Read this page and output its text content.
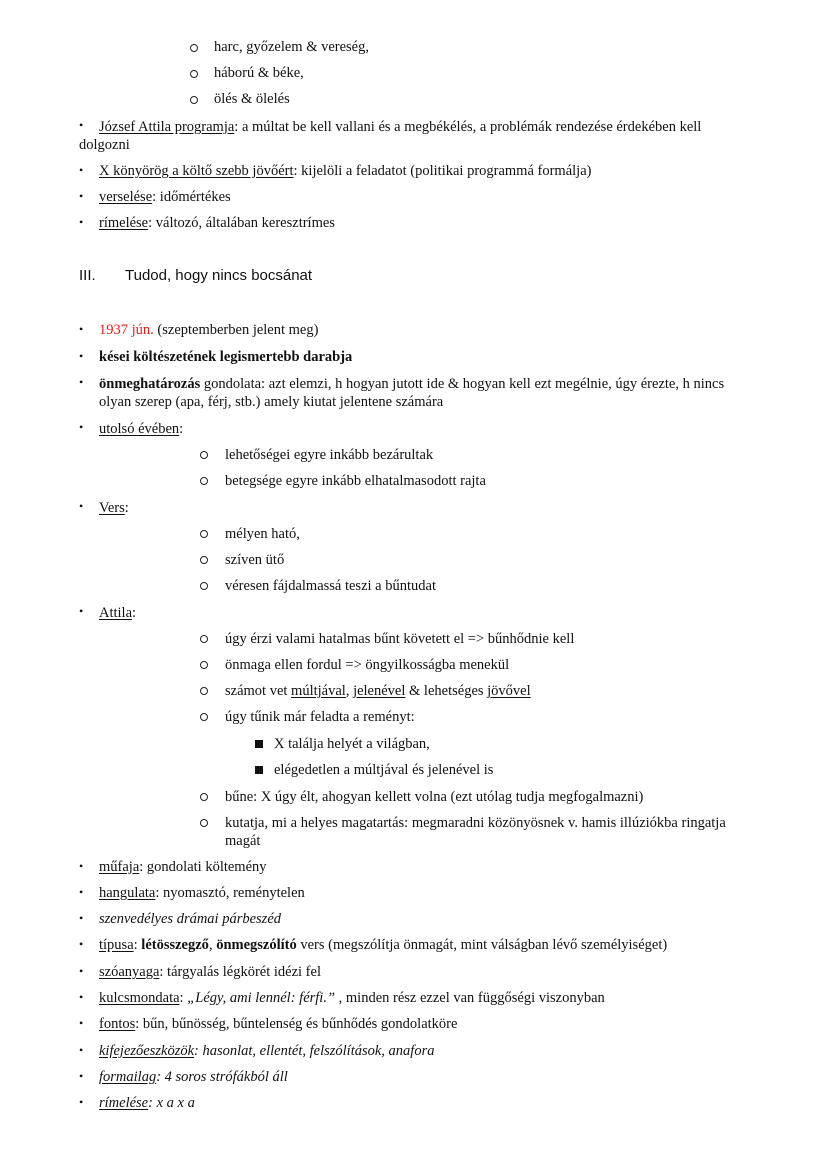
harc, győzelem & vereség,
háború & béke,
ölés & ölelés
• József Attila programja: a múltat be kell vallani és a megbékélés, a problémák rendezése érdekében kell
dolgozni
• X könyörög a költő szebb jövőért: kijelöli a feladatot (politikai programmá formálja)
• verselése: időmértékes
• rímelése: változó, általában keresztrímes
III. Tudod, hogy nincs bocsánat
• 1937 jún. (szeptemberben jelent meg)
• kései költészetének legismertebb darabja
• önmeghatározás gondolata: azt elemzi, h hogyan jutott ide & hogyan kell ezt megélnie, úgy érezte, h nincs
olyan szerep (apa, férj, stb.) amely kiutat jelentene számára
• utolsó évében:
lehetőségei egyre inkább bezárultak
betegsége egyre inkább elhatalmasodott rajta
• Vers:
mélyen ható,
szíven ütő
véresen fájdalmassá teszi a bűntudat
• Attila:
úgy érzi valami hatalmas bűnt követett el => bűnhődnie kell
önmaga ellen fordul => öngyilkosságba menekül
számot vet múltjával, jelenével & lehetséges jövővel
úgy tűnik már feladta a reményt:
X találja helyét a világban,
elégedetlen a múltjával és jelenével is
bűne: X úgy élt, ahogyan kellett volna (ezt utólag tudja megfogalmazni)
kutatja, mi a helyes magatartás: megmaradni közönyösnek v. hamis illúziókba ringatja
magát
• műfaja: gondolati költemény
• hangulata: nyomasztó, reménytelen
• szenvedélyes drámai párbeszéd
• típusa: létösszegző, önmegszólító vers (megszólítja önmagát, mint válságban lévő személyiséget)
• szóanyaga: tárgyalás légkörét idézi fel
• kulcsmondata: „Légy, ami lennél: férfi.” , minden rész ezzel van függőségi viszonyban
• fontos: bűn, bűnösség, bűntelenség és bűnhődés gondolatkörе
• kifejezőeszközök: hasonlat, ellentét, felszólítások, anafora
• formailag: 4 soros strófákból áll
• rímelése: x a x a
